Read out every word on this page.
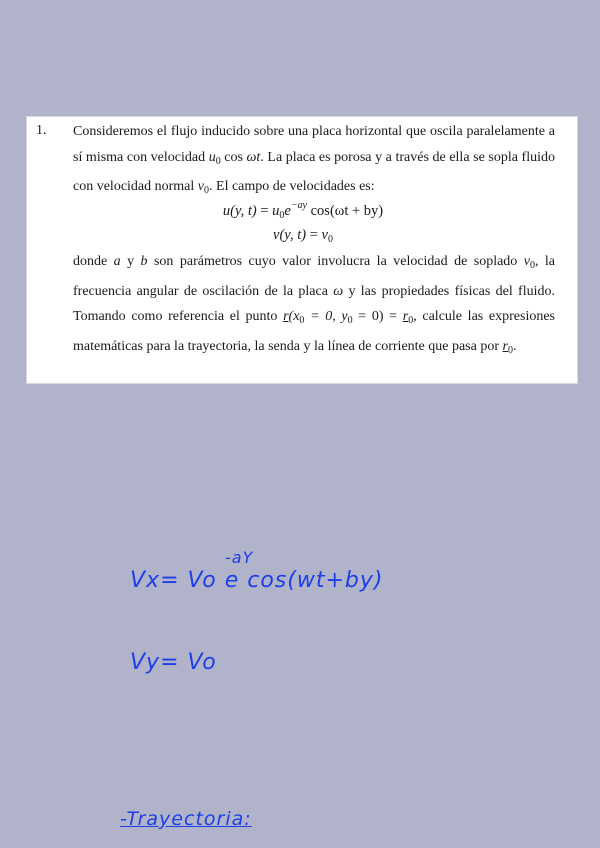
1. Consideremos el flujo inducido sobre una placa horizontal que oscila paralelamente a sí misma con velocidad $u_0$ cos ωt. La placa es porosa y a través de ella se sopla fluido con velocidad normal $v_0$. El campo de velocidades es:
u(y, $t) = u_0e^{-ay}$ cos(ωt + by)
v(y, $t) = v_0$
donde a y b son parámetros cuyo valor involucra la velocidad de soplado $v_0$, la frecuencia angular de oscilación de la placa ω y las propiedades físicas del fluido. Tomando como referencia el punto $r(x_0 = 0$, $y_0 = 0) = r_0$, calcule las expresiones matemáticas para la trayectoria, la senda y la línea de corriente que pasa por $r_0$.
Vx= Vo e
-aY
cos(wt+by)
Vy= Vo
-Trayectoria:
